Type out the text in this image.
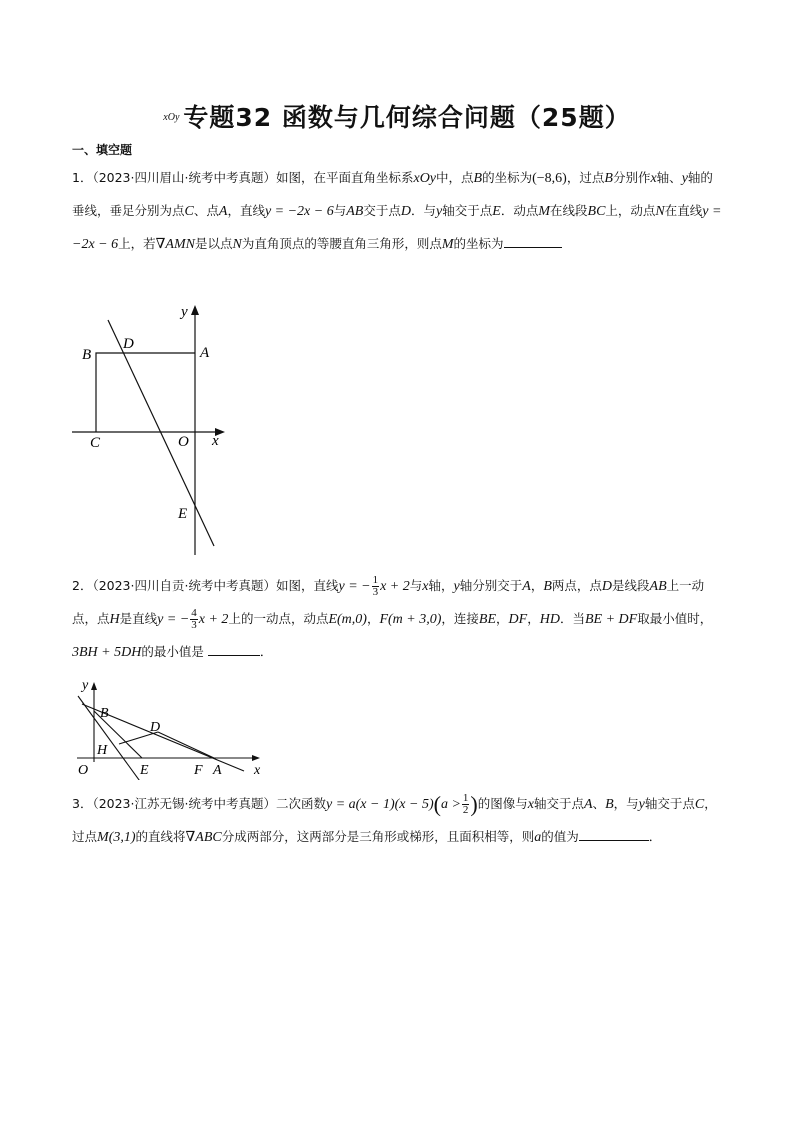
$^{xOy}$ 专题32 函数与几何综合问题（25题）
一、填空题

1．（2023·四川眉山·统考中考真题）如图，在平面直角坐标系xOy中，点B的坐标为(−8,6)，过点B分别作x轴、y轴的垂线，垂足分别为点C、点A，直线y = −2x − 6与AB交于点D．与y轴交于点E．动点M在线段BC上，动点N在直线y = −2x − 6上，若∇AMN是以点N为直角顶点的等腰直角三角形，则点M的坐标为

y
B
D
A
C	O x
E

2．（2023·四川自贡·统考中考真题）如图，直线y = − $\frac{1}{3}$ x + 2与x轴，y轴分别交于A，B两点，点D是线段AB上一动点，点H是直线y = − $\frac{4}{3}$ x + 2上的一动点，动点E(m,0)，F(m + 3,0)，连接BE，DF，HD．当BE + DF取最小值时，3BH + 5DH的最小值是	．

y
B
D
H
O	E	F A x

3．（2023·江苏无锡·统考中考真题）二次函数$y = a(x - 1)(x - 5)(a > \frac{1}{2}$ )的图像与x轴交于点A、B，与y轴交于点C，过点M(3,1)的直线将∇ABC分成两部分，这两部分是三角形或梯形，且面积相等，则a的值为	．
